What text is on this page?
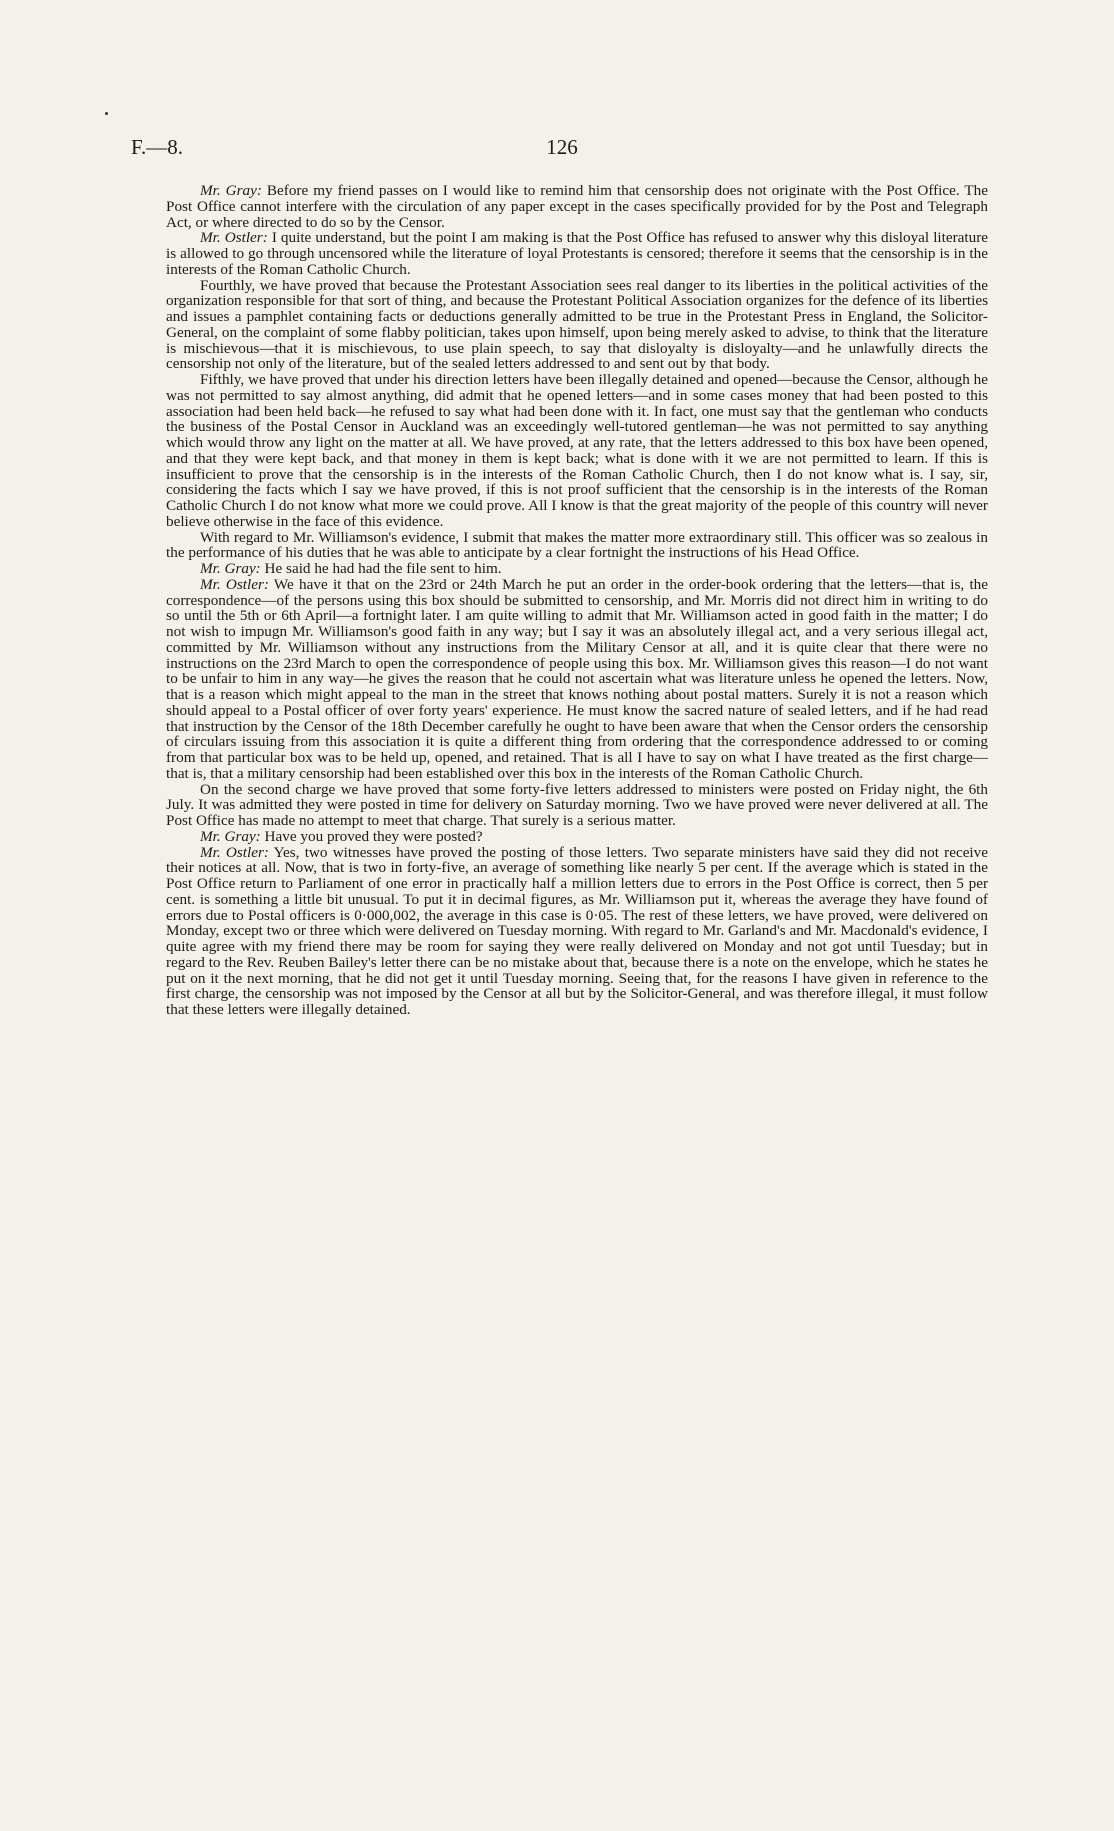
F.—8.	126

Mr. Gray: Before my friend passes on I would like to remind him that censorship does not originate with the Post Office. The Post Office cannot interfere with the circulation of any paper except in the cases specifically provided for by the Post and Telegraph Act, or where directed to do so by the Censor.

Mr. Ostler: I quite understand, but the point I am making is that the Post Office has refused to answer why this disloyal literature is allowed to go through uncensored while the literature of loyal Protestants is censored; therefore it seems that the censorship is in the interests of the Roman Catholic Church.

Fourthly, we have proved that because the Protestant Association sees real danger to its liberties in the political activities of the organization responsible for that sort of thing, and because the Protestant Political Association organizes for the defence of its liberties and issues a pamphlet containing facts or deductions generally admitted to be true in the Protestant Press in England, the Solicitor-General, on the complaint of some flabby politician, takes upon himself, upon being merely asked to advise, to think that the literature is mischievous—that it is mischievous, to use plain speech, to say that disloyalty is disloyalty—and he unlawfully directs the censorship not only of the literature, but of the sealed letters addressed to and sent out by that body.

Fifthly, we have proved that under his direction letters have been illegally detained and opened—because the Censor, although he was not permitted to say almost anything, did admit that he opened letters—and in some cases money that had been posted to this association had been held back—he refused to say what had been done with it. In fact, one must say that the gentleman who conducts the business of the Postal Censor in Auckland was an exceedingly well-tutored gentleman—he was not permitted to say anything which would throw any light on the matter at all. We have proved, at any rate, that the letters addressed to this box have been opened, and that they were kept back, and that money in them is kept back; what is done with it we are not permitted to learn. If this is insufficient to prove that the censorship is in the interests of the Roman Catholic Church, then I do not know what is. I say, sir, considering the facts which I say we have proved, if this is not proof sufficient that the censorship is in the interests of the Roman Catholic Church I do not know what more we could prove. All I know is that the great majority of the people of this country will never believe otherwise in the face of this evidence.

With regard to Mr. Williamson's evidence, I submit that makes the matter more extraordinary still. This officer was so zealous in the performance of his duties that he was able to anticipate by a clear fortnight the instructions of his Head Office.

Mr. Gray: He said he had had the file sent to him.

Mr. Ostler: We have it that on the 23rd or 24th March he put an order in the order-book ordering that the letters—that is, the correspondence—of the persons using this box should be submitted to censorship, and Mr. Morris did not direct him in writing to do so until the 5th or 6th April—a fortnight later. I am quite willing to admit that Mr. Williamson acted in good faith in the matter; I do not wish to impugn Mr. Williamson's good faith in any way; but I say it was an absolutely illegal act, and a very serious illegal act, committed by Mr. Williamson without any instructions from the Military Censor at all, and it is quite clear that there were no instructions on the 23rd March to open the correspondence of people using this box. Mr. Williamson gives this reason—I do not want to be unfair to him in any way—he gives the reason that he could not ascertain what was literature unless he opened the letters. Now, that is a reason which might appeal to the man in the street that knows nothing about postal matters. Surely it is not a reason which should appeal to a Postal officer of over forty years' experience. He must know the sacred nature of sealed letters, and if he had read that instruction by the Censor of the 18th December carefully he ought to have been aware that when the Censor orders the censorship of circulars issuing from this association it is quite a different thing from ordering that the correspondence addressed to or coming from that particular box was to be held up, opened, and retained. That is all I have to say on what I have treated as the first charge—that is, that a military censorship had been established over this box in the interests of the Roman Catholic Church.

On the second charge we have proved that some forty-five letters addressed to ministers were posted on Friday night, the 6th July. It was admitted they were posted in time for delivery on Saturday morning. Two we have proved were never delivered at all. The Post Office has made no attempt to meet that charge. That surely is a serious matter.

Mr. Gray: Have you proved they were posted?

Mr. Ostler: Yes, two witnesses have proved the posting of those letters. Two separate ministers have said they did not receive their notices at all. Now, that is two in forty-five, an average of something like nearly 5 per cent. If the average which is stated in the Post Office return to Parliament of one error in practically half a million letters due to errors in the Post Office is correct, then 5 per cent. is something a little bit unusual. To put it in decimal figures, as Mr. Williamson put it, whereas the average they have found of errors due to Postal officers is 0·000,002, the average in this case is 0·05. The rest of these letters, we have proved, were delivered on Monday, except two or three which were delivered on Tuesday morning. With regard to Mr. Garland's and Mr. Macdonald's evidence, I quite agree with my friend there may be room for saying they were really delivered on Monday and not got until Tuesday; but in regard to the Rev. Reuben Bailey's letter there can be no mistake about that, because there is a note on the envelope, which he states he put on it the next morning, that he did not get it until Tuesday morning. Seeing that, for the reasons I have given in reference to the first charge, the censorship was not imposed by the Censor at all but by the Solicitor-General, and was therefore illegal, it must follow that these letters were illegally detained.
